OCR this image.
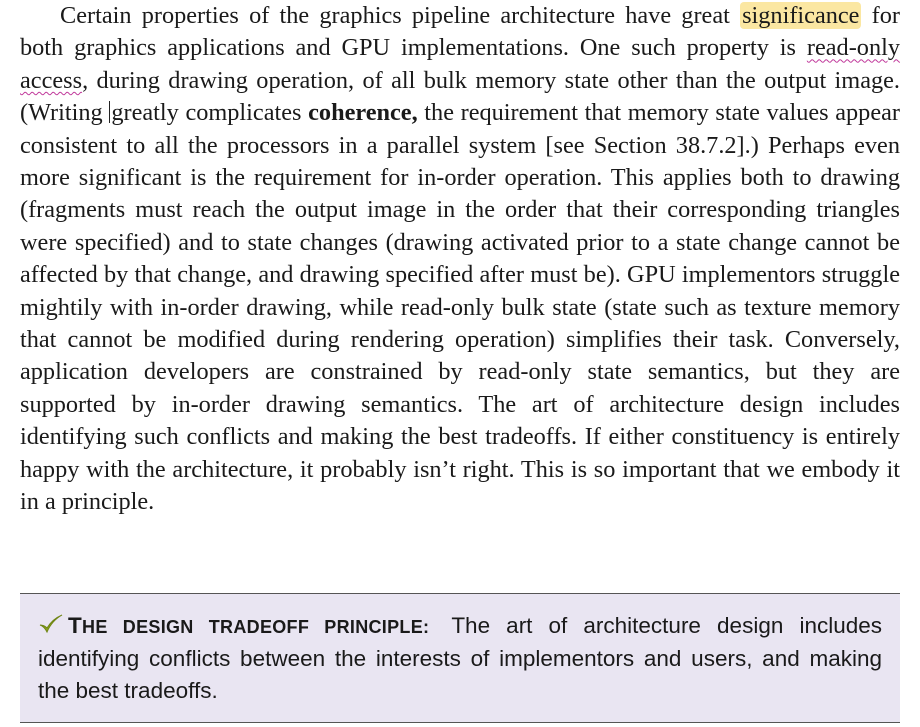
Certain properties of the graphics pipeline architecture have great significance for both graphics applications and GPU implementations. One such property is read-only access, during drawing operation, of all bulk memory state other than the output image. (Writing greatly complicates coherence, the requirement that memory state values appear consistent to all the processors in a parallel system [see Section 38.7.2].) Perhaps even more significant is the requirement for in-order operation. This applies both to drawing (fragments must reach the output image in the order that their corresponding triangles were specified) and to state changes (drawing activated prior to a state change cannot be affected by that change, and drawing specified after must be). GPU implementors struggle mightily with in-order drawing, while read-only bulk state (state such as texture memory that cannot be modified during rendering operation) simplifies their task. Conversely, application developers are constrained by read-only state semantics, but they are supported by in-order drawing semantics. The art of architecture design includes identifying such conflicts and making the best tradeoffs. If either constituency is entirely happy with the architecture, it probably isn’t right. This is so important that we embody it in a principle.

THE DESIGN TRADEOFF PRINCIPLE: The art of architecture design includes identifying conflicts between the interests of implementors and users, and making the best tradeoffs.
